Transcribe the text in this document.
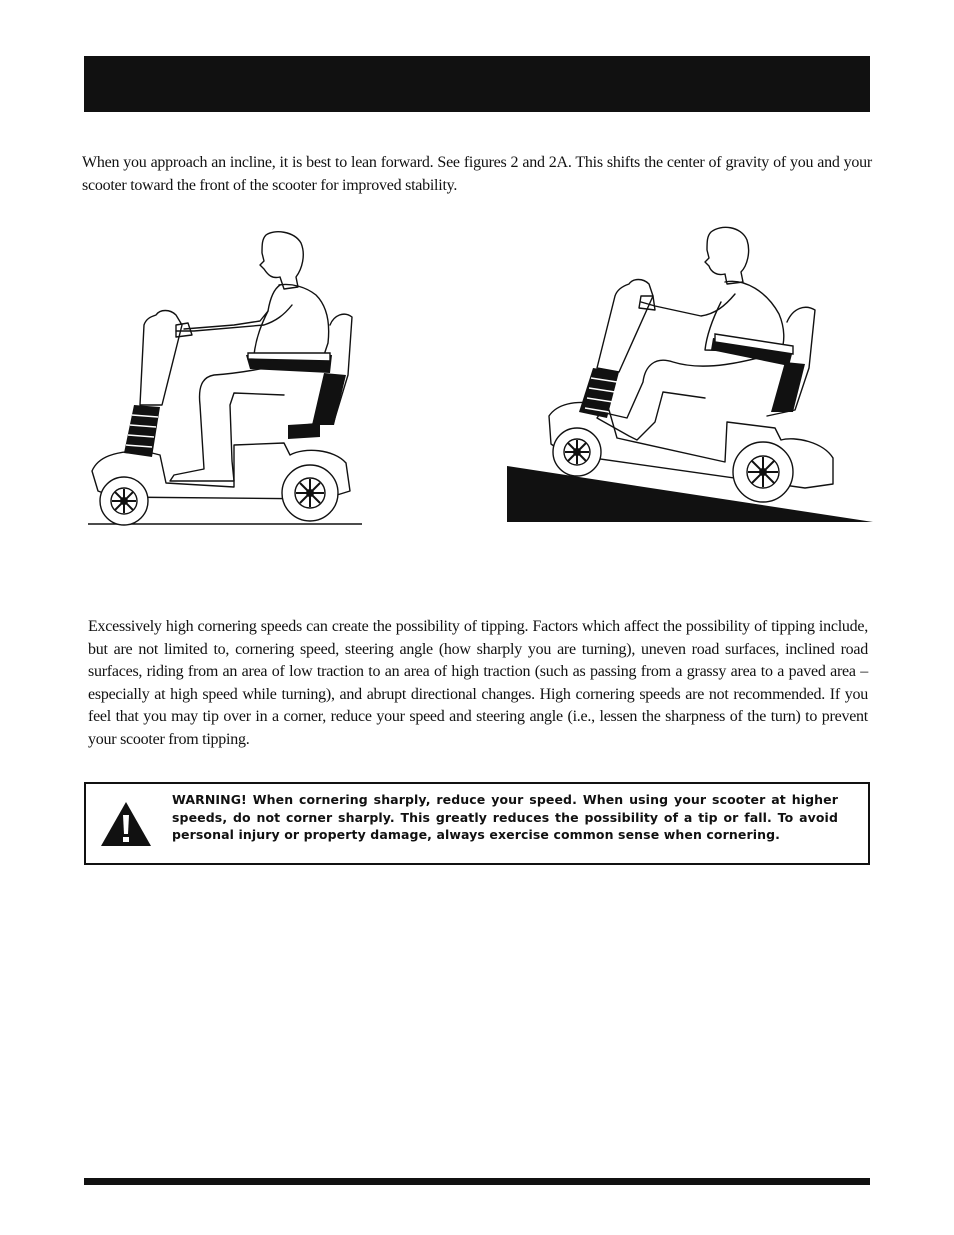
When you approach an incline, it is best to lean forward. See figures 2 and 2A. This shifts the center of gravity of you and your scooter toward the front of the scooter for improved stability.

Excessively high cornering speeds can create the possibility of tipping. Factors which affect the possibility of tipping include, but are not limited to, cornering speed, steering angle (how sharply you are turning), uneven road surfaces, inclined road surfaces, riding from an area of low traction to an area of high traction (such as passing from a grassy area to a paved area – especially at high speed while turning), and abrupt directional changes. High cornering speeds are not recommended. If you feel that you may tip over in a corner, reduce your speed and steering angle (i.e., lessen the sharpness of the turn) to prevent your scooter from tipping.

WARNING! When cornering sharply, reduce your speed. When using your scooter at higher speeds, do not corner sharply. This greatly reduces the possibility of a tip or fall. To avoid personal injury or property damage, always exercise common sense when cornering.
